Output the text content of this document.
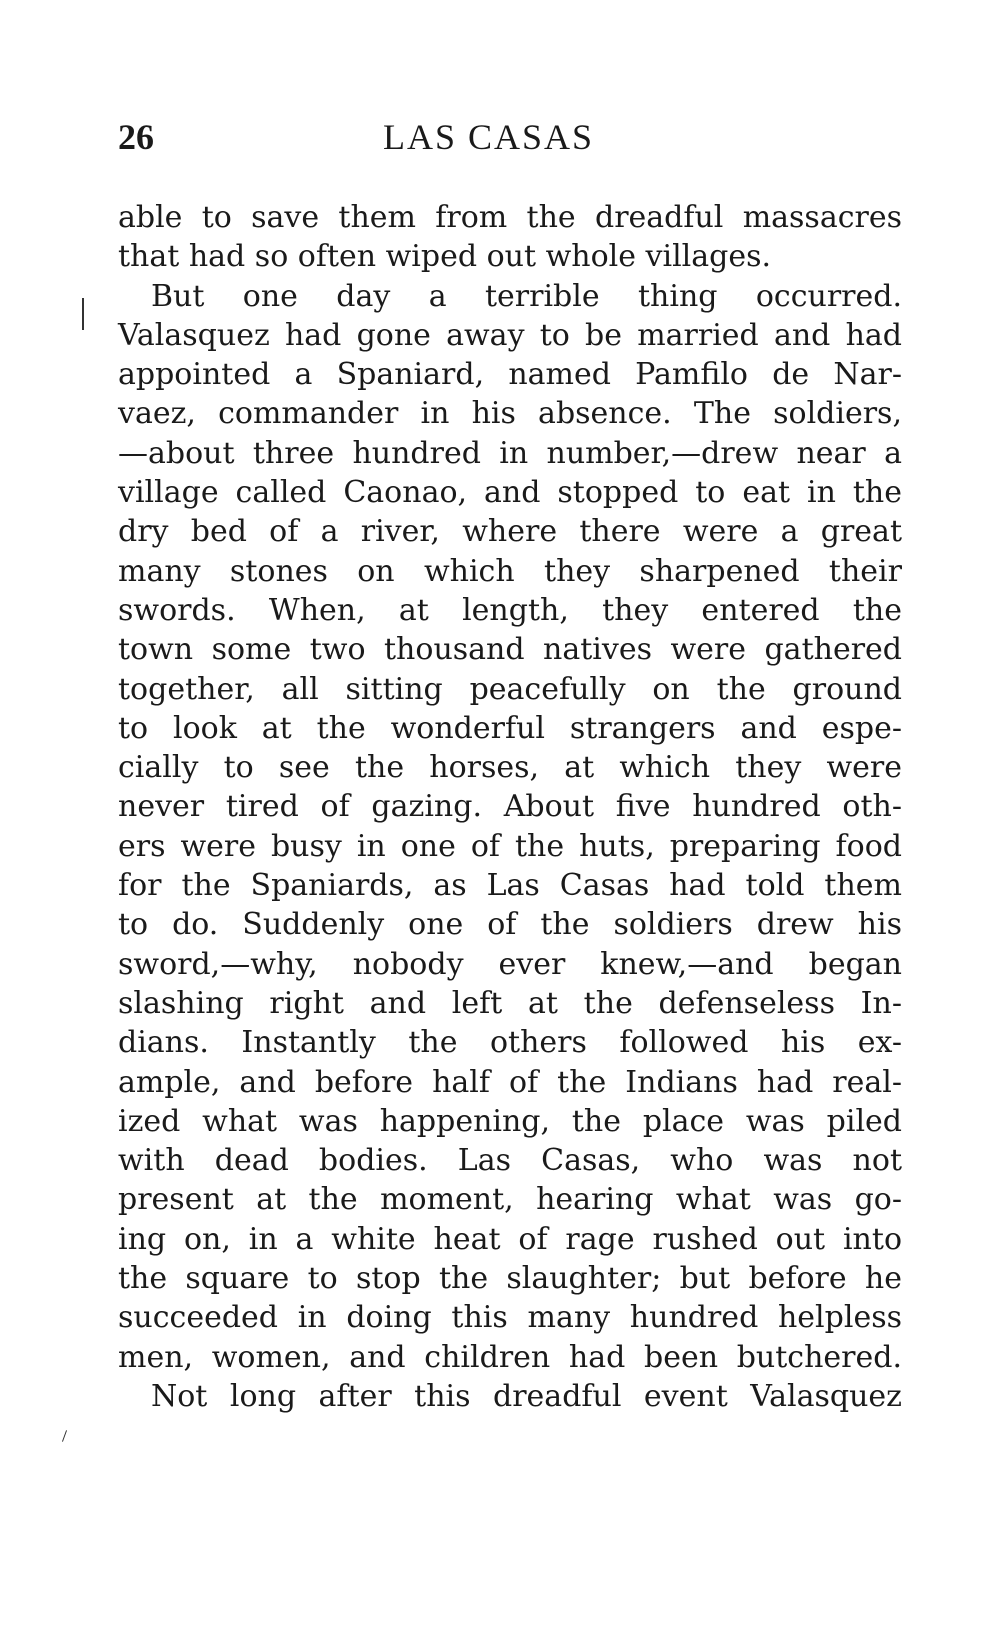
26	LAS CASAS
able to save them from the dreadful massacres
that had so often wiped out whole villages.
But one day a terrible thing occurred.
Valasquez had gone away to be married and had
appointed a Spaniard, named Pamfilo de Nar-
vaez, commander in his absence. The soldiers,
—about three hundred in number,—drew near a
village called Caonao, and stopped to eat in the
dry bed of a river, where there were a great
many stones on which they sharpened their
swords. When, at length, they entered the
town some two thousand natives were gathered
together, all sitting peacefully on the ground
to look at the wonderful strangers and espe-
cially to see the horses, at which they were
never tired of gazing. About five hundred oth-
ers were busy in one of the huts, preparing food
for the Spaniards, as Las Casas had told them
to do. Suddenly one of the soldiers drew his
sword,—why, nobody ever knew,—and began
slashing right and left at the defenseless In-
dians. Instantly the others followed his ex-
ample, and before half of the Indians had real-
ized what was happening, the place was piled
with dead bodies. Las Casas, who was not
present at the moment, hearing what was go-
ing on, in a white heat of rage rushed out into
the square to stop the slaughter; but before he
succeeded in doing this many hundred helpless
men, women, and children had been butchered.
Not long after this dreadful event Valasquez
